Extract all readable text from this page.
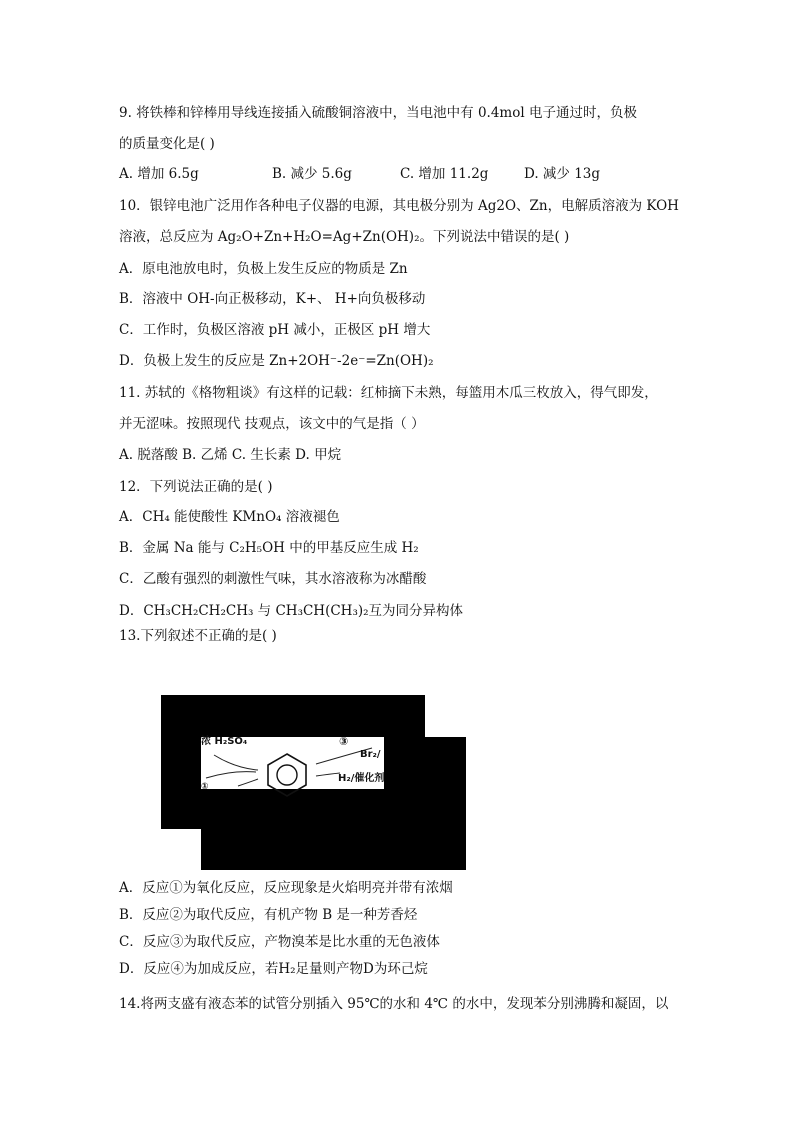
9. 将铁棒和锌棒用导线连接插入硫酸铜溶液中，当电池中有 0.4mol 电子通过时，负极
的质量变化是( )
A. 增加 6.5g	B. 减少 5.6g	C. 增加 11.2g	D. 减少 13g
10．银锌电池广泛用作各种电子仪器的电源，其电极分别为 Ag2O、Zn，电解质溶液为 KOH
溶液，总反应为 Ag₂O+Zn+H₂O=Ag+Zn(OH)₂。下列说法中错误的是( )
A．原电池放电时，负极上发生反应的物质是 Zn
B．溶液中 OH-向正极移动，K+、 H+向负极移动
C．工作时，负极区溶液 pH 减小，正极区 pH 增大
D．负极上发生的反应是 Zn+2OH⁻-2e⁻=Zn(OH)₂
11. 苏轼的《格物粗谈》有这样的记载：红柿摘下未熟，每篮用木瓜三枚放入，得气即发，
并无涩味。按照现代 技观点，该文中的气是指（ ）
A. 脱落酸 B. 乙烯 C. 生长素 D. 甲烷
12．下列说法正确的是( )
A．CH₄ 能使酸性 KMnO₄ 溶液褪色
B．金属 Na 能与 C₂H₅OH 中的甲基反应生成 H₂
C．乙酸有强烈的刺激性气味，其水溶液称为冰醋酸
D．CH₃CH₂CH₂CH₃ 与 CH₃CH(CH₃)₂互为同分异构体
13.下列叙述不正确的是( )
浓 H₂SO₄	③
Br₂/
H₂/催化剂
①
A．反应①为氧化反应，反应现象是火焰明亮并带有浓烟
B．反应②为取代反应，有机产物 B 是一种芳香烃
C．反应③为取代反应，产物溴苯是比水重的无色液体
D．反应④为加成反应，若H₂足量则产物D为环己烷
14.将两支盛有液态苯的试管分别插入 95℃的水和 4℃ 的水中，发现苯分别沸腾和凝固，以
